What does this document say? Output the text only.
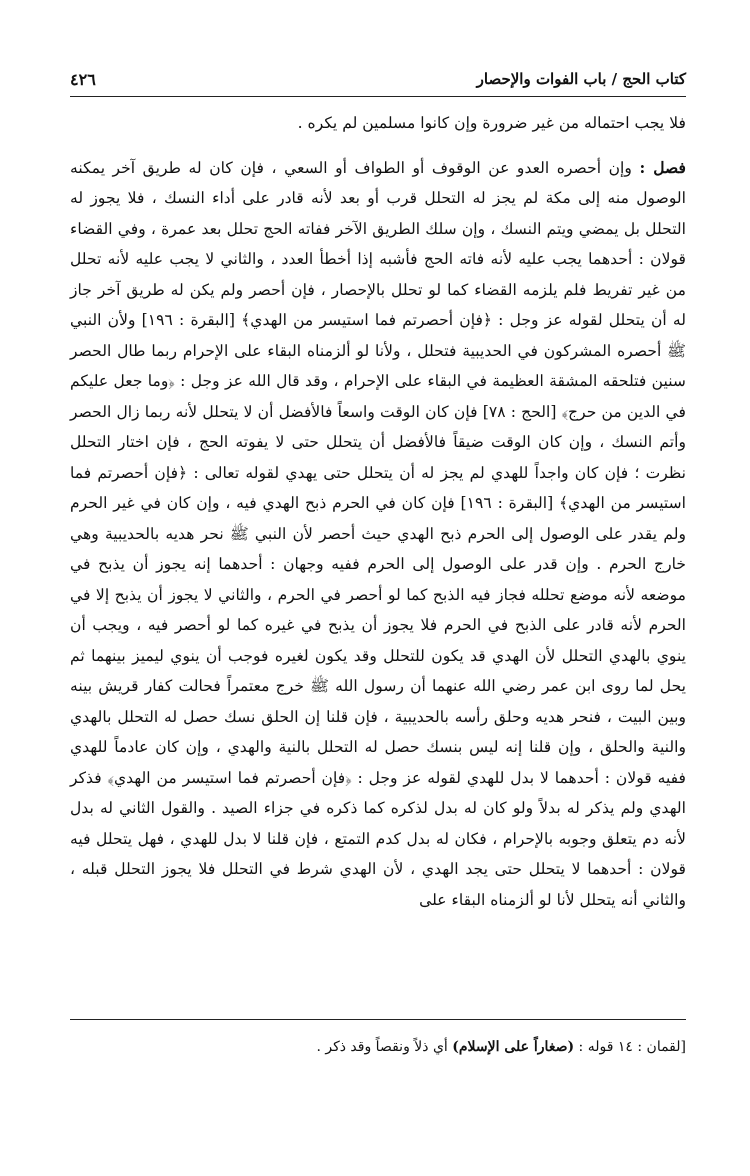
كتاب الحج / باب الفوات والإحصار
٤٢٦

فلا يجب احتماله من غير ضرورة وإن كانوا مسلمين لم يكره .

فصل : وإن أحصره العدو عن الوقوف أو الطواف أو السعي ، فإن كان له طريق آخر يمكنه الوصول منه إلى مكة لم يجز له التحلل قرب أو بعد لأنه قادر على أداء النسك ، فلا يجوز له التحلل بل يمضي ويتم النسك ، وإن سلك الطريق الآخر ففاته الحج تحلل بعد عمرة ، وفي القضاء قولان : أحدهما يجب عليه لأنه فاته الحج فأشبه إذا أخطأ العدد ، والثاني لا يجب عليه لأنه تحلل من غير تفريط فلم يلزمه القضاء كما لو تحلل بالإحصار ، فإن أحصر ولم يكن له طريق آخر جاز له أن يتحلل لقوله عز وجل : ﴿فإن أحصرتم فما استيسر من الهدي﴾ [البقرة : ١٩٦] ولأن النبي ﷺ أحصره المشركون في الحديبية فتحلل ، ولأنا لو ألزمناه البقاء على الإحرام ربما طال الحصر سنين فتلحقه المشقة العظيمة في البقاء على الإحرام ، وقد قال الله عز وجل : ﴿وما جعل عليكم في الدين من حرج﴾ [الحج : ٧٨] فإن كان الوقت واسعاً فالأفضل أن لا يتحلل لأنه ربما زال الحصر وأتم النسك ، وإن كان الوقت ضيقاً فالأفضل أن يتحلل حتى لا يفوته الحج ، فإن اختار التحلل نظرت ؛ فإن كان واجداً للهدي لم يجز له أن يتحلل حتى يهدي لقوله تعالى : ﴿فإن أحصرتم فما استيسر من الهدي﴾ [البقرة : ١٩٦] فإن كان في الحرم ذبح الهدي فيه ، وإن كان في غير الحرم ولم يقدر على الوصول إلى الحرم ذبح الهدي حيث أحصر لأن النبي ﷺ نحر هديه بالحديبية وهي خارج الحرم . وإن قدر على الوصول إلى الحرم ففيه وجهان : أحدهما إنه يجوز أن يذبح في موضعه لأنه موضع تحلله فجاز فيه الذبح كما لو أحصر في الحرم ، والثاني لا يجوز أن يذبح إلا في الحرم لأنه قادر على الذبح في الحرم فلا يجوز أن يذبح في غيره كما لو أحصر فيه ، ويجب أن ينوي بالهدي التحلل لأن الهدي قد يكون للتحلل وقد يكون لغيره فوجب أن ينوي ليميز بينهما ثم يحل لما روى ابن عمر رضي الله عنهما أن رسول الله ﷺ خرج معتمراً فحالت كفار قريش بينه وبين البيت ، فنحر هديه وحلق رأسه بالحديبية ، فإن قلنا إن الحلق نسك حصل له التحلل بالهدي والنية والحلق ، وإن قلنا إنه ليس بنسك حصل له التحلل بالنية والهدي ، وإن كان عادماً للهدي ففيه قولان : أحدهما لا بدل للهدي لقوله عز وجل : ﴿فإن أحصرتم فما استيسر من الهدي﴾ فذكر الهدي ولم يذكر له بدلاً ولو كان له بدل لذكره كما ذكره في جزاء الصيد . والقول الثاني له بدل لأنه دم يتعلق وجوبه بالإحرام ، فكان له بدل كدم التمتع ، فإن قلنا لا بدل للهدي ، فهل يتحلل فيه قولان : أحدهما لا يتحلل حتى يجد الهدي ، لأن الهدي شرط في التحلل فلا يجوز التحلل قبله ، والثاني أنه يتحلل لأنا لو ألزمناه البقاء على

[لقمان : ١٤ قوله : (صغاراً على الإسلام) أي ذلاً ونقصاً وقد ذكر .
